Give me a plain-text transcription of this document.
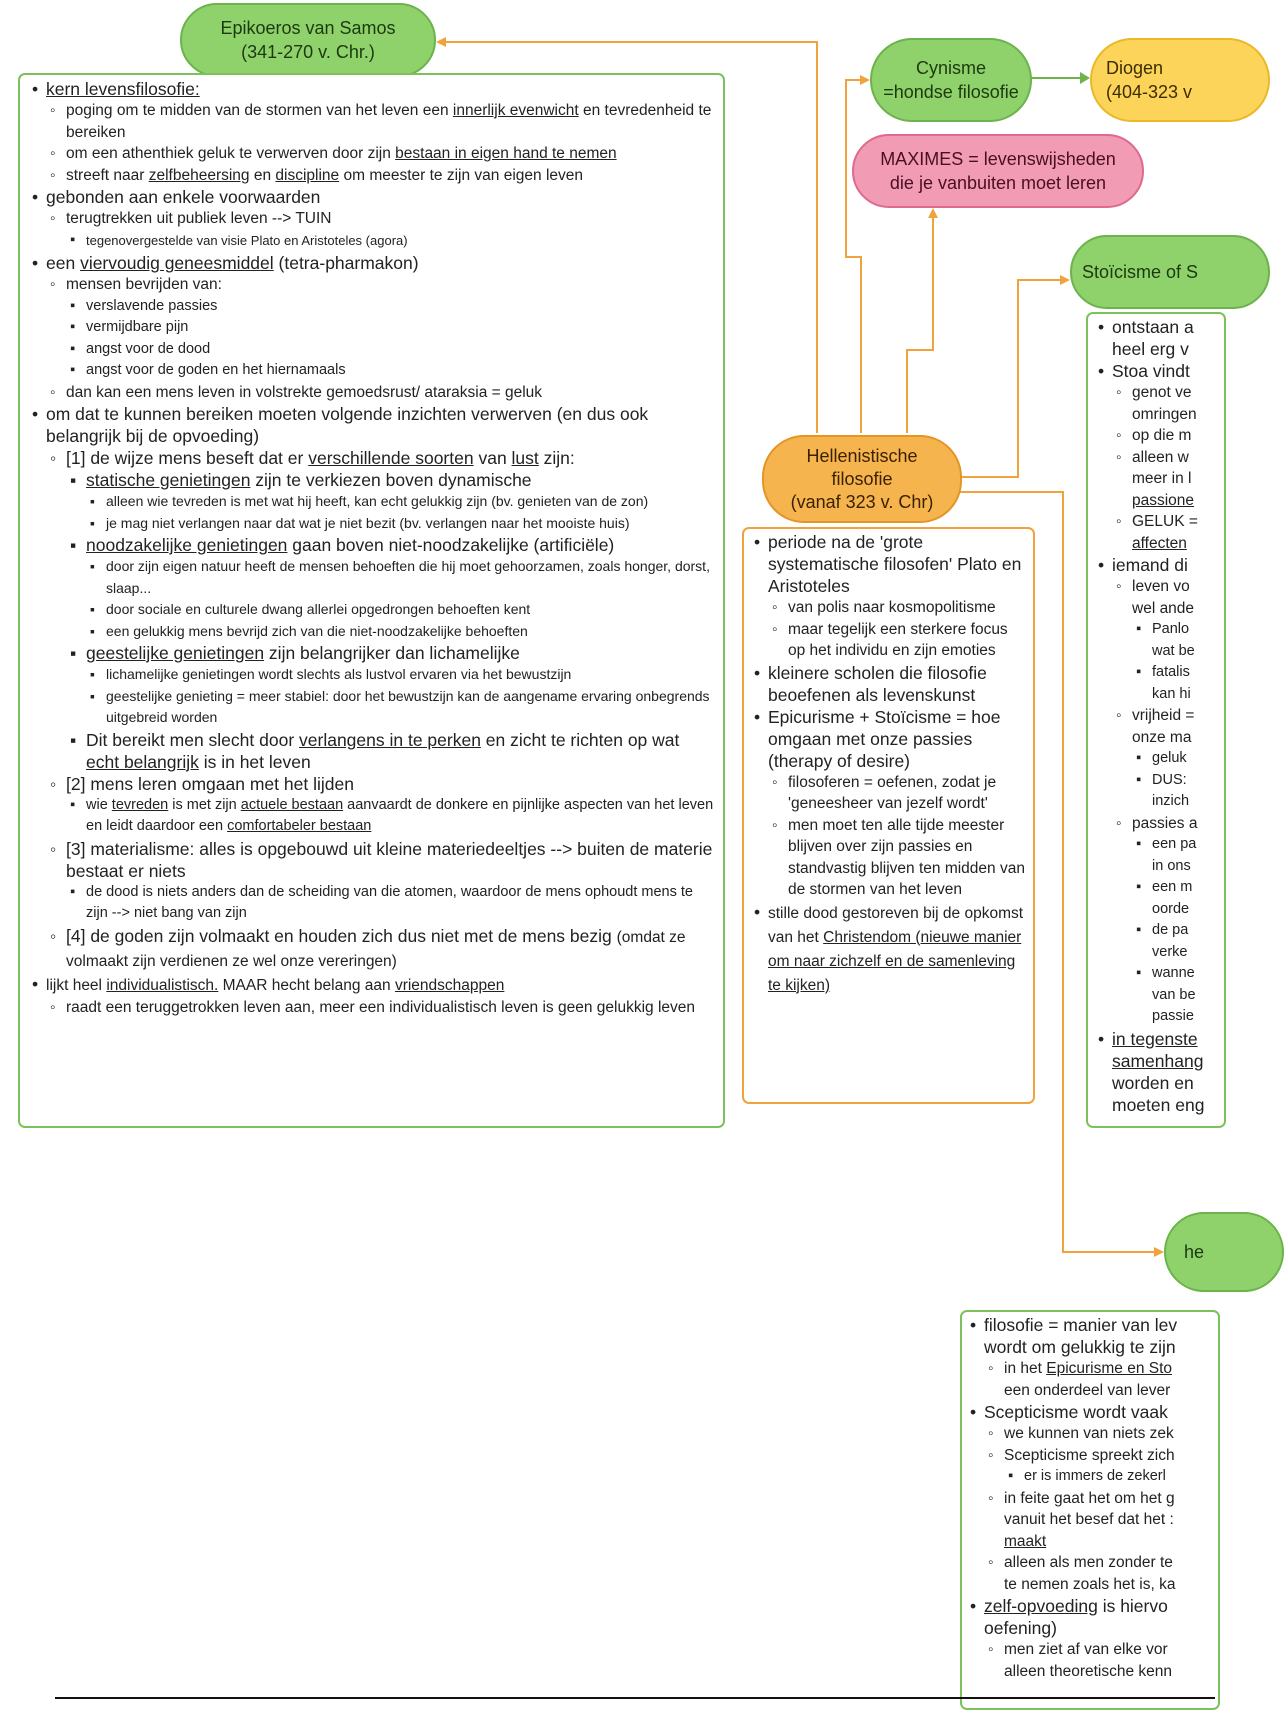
Epikoeros van Samos
(341-270 v. Chr.)
Cynisme
=hondse filosofie
Diogen
(404-323 v
MAXIMES = levenswijsheden
die je vanbuiten moet leren
Stoïcisme of S
Hellenistische
filosofie
(vanaf 323 v. Chr)
he
• kern levensfilosofie:
◦ poging om te midden van de stormen van het leven een innerlijk evenwicht en tevredenheid te bereiken
◦ om een athenthiek geluk te verwerven door zijn bestaan in eigen hand te nemen
◦ streeft naar zelfbeheersing en discipline om meester te zijn van eigen leven
• gebonden aan enkele voorwaarden
◦ terugtrekken uit publiek leven --> TUIN
▪ tegenovergestelde van visie Plato en Aristoteles (agora)
• een viervoudig geneesmiddel (tetra-pharmakon)
◦ mensen bevrijden van:
▪ verslavende passies
▪ vermijdbare pijn
▪ angst voor de dood
▪ angst voor de goden en het hiernamaals
◦ dan kan een mens leven in volstrekte gemoedsrust/ ataraksia = geluk
• om dat te kunnen bereiken moeten volgende inzichten verwerven (en dus ook belangrijk bij de opvoeding)
◦ [1] de wijze mens beseft dat er verschillende soorten van lust zijn:
▪ statische genietingen zijn te verkiezen boven dynamische
▪ alleen wie tevreden is met wat hij heeft, kan echt gelukkig zijn (bv. genieten van de zon)
▪ je mag niet verlangen naar dat wat je niet bezit (bv. verlangen naar het mooiste huis)
▪ noodzakelijke genietingen gaan boven niet-noodzakelijke (artificiële)
▪ door zijn eigen natuur heeft de mensen behoeften die hij moet gehoorzamen, zoals honger, dorst, slaap...
▪ door sociale en culturele dwang allerlei opgedrongen behoeften kent
▪ een gelukkig mens bevrijd zich van die niet-noodzakelijke behoeften
▪ geestelijke genietingen zijn belangrijker dan lichamelijke
▪ lichamelijke genietingen wordt slechts als lustvol ervaren via het bewustzijn
▪ geestelijke genieting = meer stabiel: door het bewustzijn kan de aangename ervaring onbegrends uitgebreid worden
▪ Dit bereikt men slecht door verlangens in te perken en zicht te richten op wat echt belangrijk is in het leven
◦ [2] mens leren omgaan met het lijden
▪ wie tevreden is met zijn actuele bestaan aanvaardt de donkere en pijnlijke aspecten van het leven en leidt daardoor een comfortabeler bestaan
◦ [3] materialisme: alles is opgebouwd uit kleine materiedeeltjes --> buiten de materie bestaat er niets
▪ de dood is niets anders dan de scheiding van die atomen, waardoor de mens ophoudt mens te zijn --> niet bang van zijn
◦ [4] de goden zijn volmaakt en houden zich dus niet met de mens bezig (omdat ze volmaakt zijn verdienen ze wel onze vereringen)
• lijkt heel individualistisch. MAAR hecht belang aan vriendschappen
◦ raadt een teruggetrokken leven aan, meer een individualistisch leven is geen gelukkig leven
• periode na de 'grote systematische filosofen' Plato en Aristoteles
◦ van polis naar kosmopolitisme
◦ maar tegelijk een sterkere focus op het individu en zijn emoties
• kleinere scholen die filosofie beoefenen als levenskunst
• Epicurisme + Stoïcisme = hoe omgaan met onze passies (therapy of desire)
◦ filosoferen = oefenen, zodat je 'geneesheer van jezelf wordt'
◦ men moet ten alle tijde meester blijven over zijn passies en standvastig blijven ten midden van de stormen van het leven
• stille dood gestoreven bij de opkomst van het Christendom (nieuwe manier om naar zichzelf en de samenleving te kijken)
• ontstaan a
heel erg v
• Stoa vindt
◦ genot ve
omringen
◦ op die m
◦ alleen w
meer in l
passione
◦ GELUK =
affecten
• iemand di
◦ leven vo
wel ande
▪ Panlo
wat be
▪ fatalis
kan hi
◦ vrijheid =
onze ma
▪ geluk
▪ DUS:
inzich
◦ passies a
▪ een pa
in ons
▪ een m
oorde
▪ de pa
verke
▪ wanne
van be
passie
• in tegenste
samenhang
worden en
moeten eng
• filosofie = manier van lev
wordt om gelukkig te zijn
◦ in het Epicurisme en Sto
een onderdeel van lever
• Scepticisme wordt vaak
◦ we kunnen van niets zek
◦ Scepticisme spreekt zich
▪ er is immers de zekerl
◦ in feite gaat het om het g
vanuit het besef dat het :
maakt
◦ alleen als men zonder te
te nemen zoals het is, ka
• zelf-opvoeding is hiervo
oefening)
◦ men ziet af van elke vor
alleen theoretische kenn
